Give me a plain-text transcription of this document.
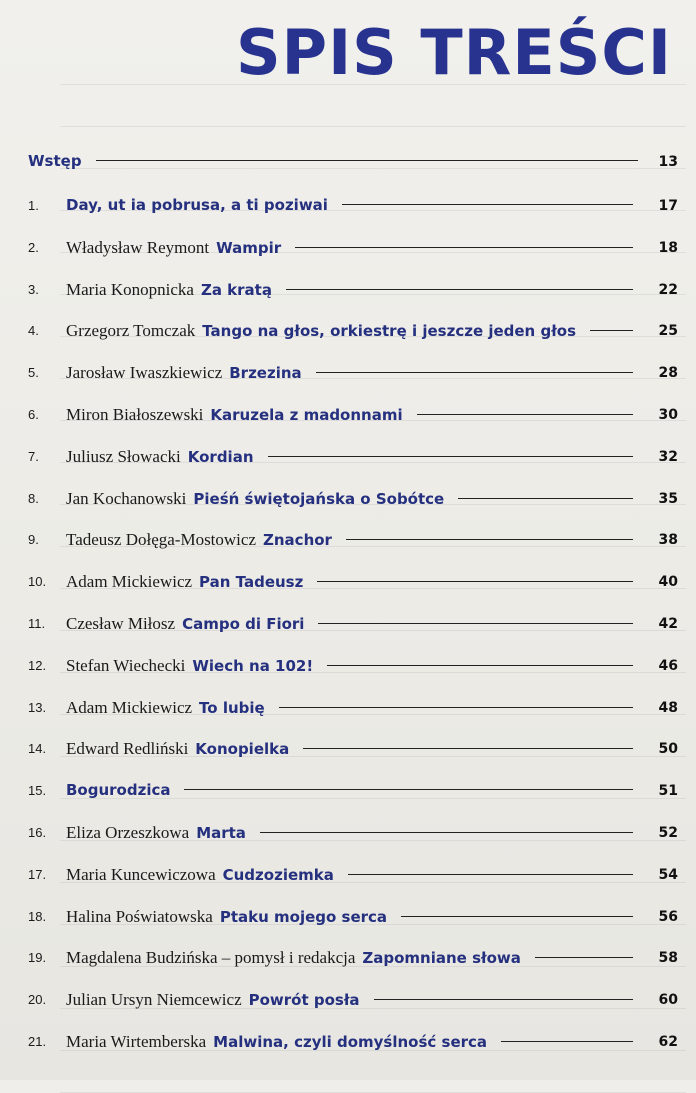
SPIS TREŚCI
Wstęp	13
1. Day, ut ia pobrusa, a ti poziwai	17
2. Władysław Reymont Wampir	18
3. Maria Konopnicka Za kratą	22
4. Grzegorz Tomczak Tango na głos, orkiestrę i jeszcze jeden głos	25
5. Jarosław Iwaszkiewicz Brzezina	28
6. Miron Białoszewski Karuzela z madonnami	30
7. Juliusz Słowacki Kordian	32
8. Jan Kochanowski Pieśń świętojańska o Sobótce	35
9. Tadeusz Dołęga-Mostowicz Znachor	38
10. Adam Mickiewicz Pan Tadeusz	40
11. Czesław Miłosz Campo di Fiori	42
12. Stefan Wiechecki Wiech na 102!	46
13. Adam Mickiewicz To lubię	48
14. Edward Redliński Konopielka	50
15. Bogurodzica	51
16. Eliza Orzeszkowa Marta	52
17. Maria Kuncewiczowa Cudzoziemka	54
18. Halina Poświatowska Ptaku mojego serca	56
19. Magdalena Budzińska – pomysł i redakcja Zapomniane słowa	58
20. Julian Ursyn Niemcewicz Powrót posła	60
21. Maria Wirtemberska Malwina, czyli domyślność serca	62
